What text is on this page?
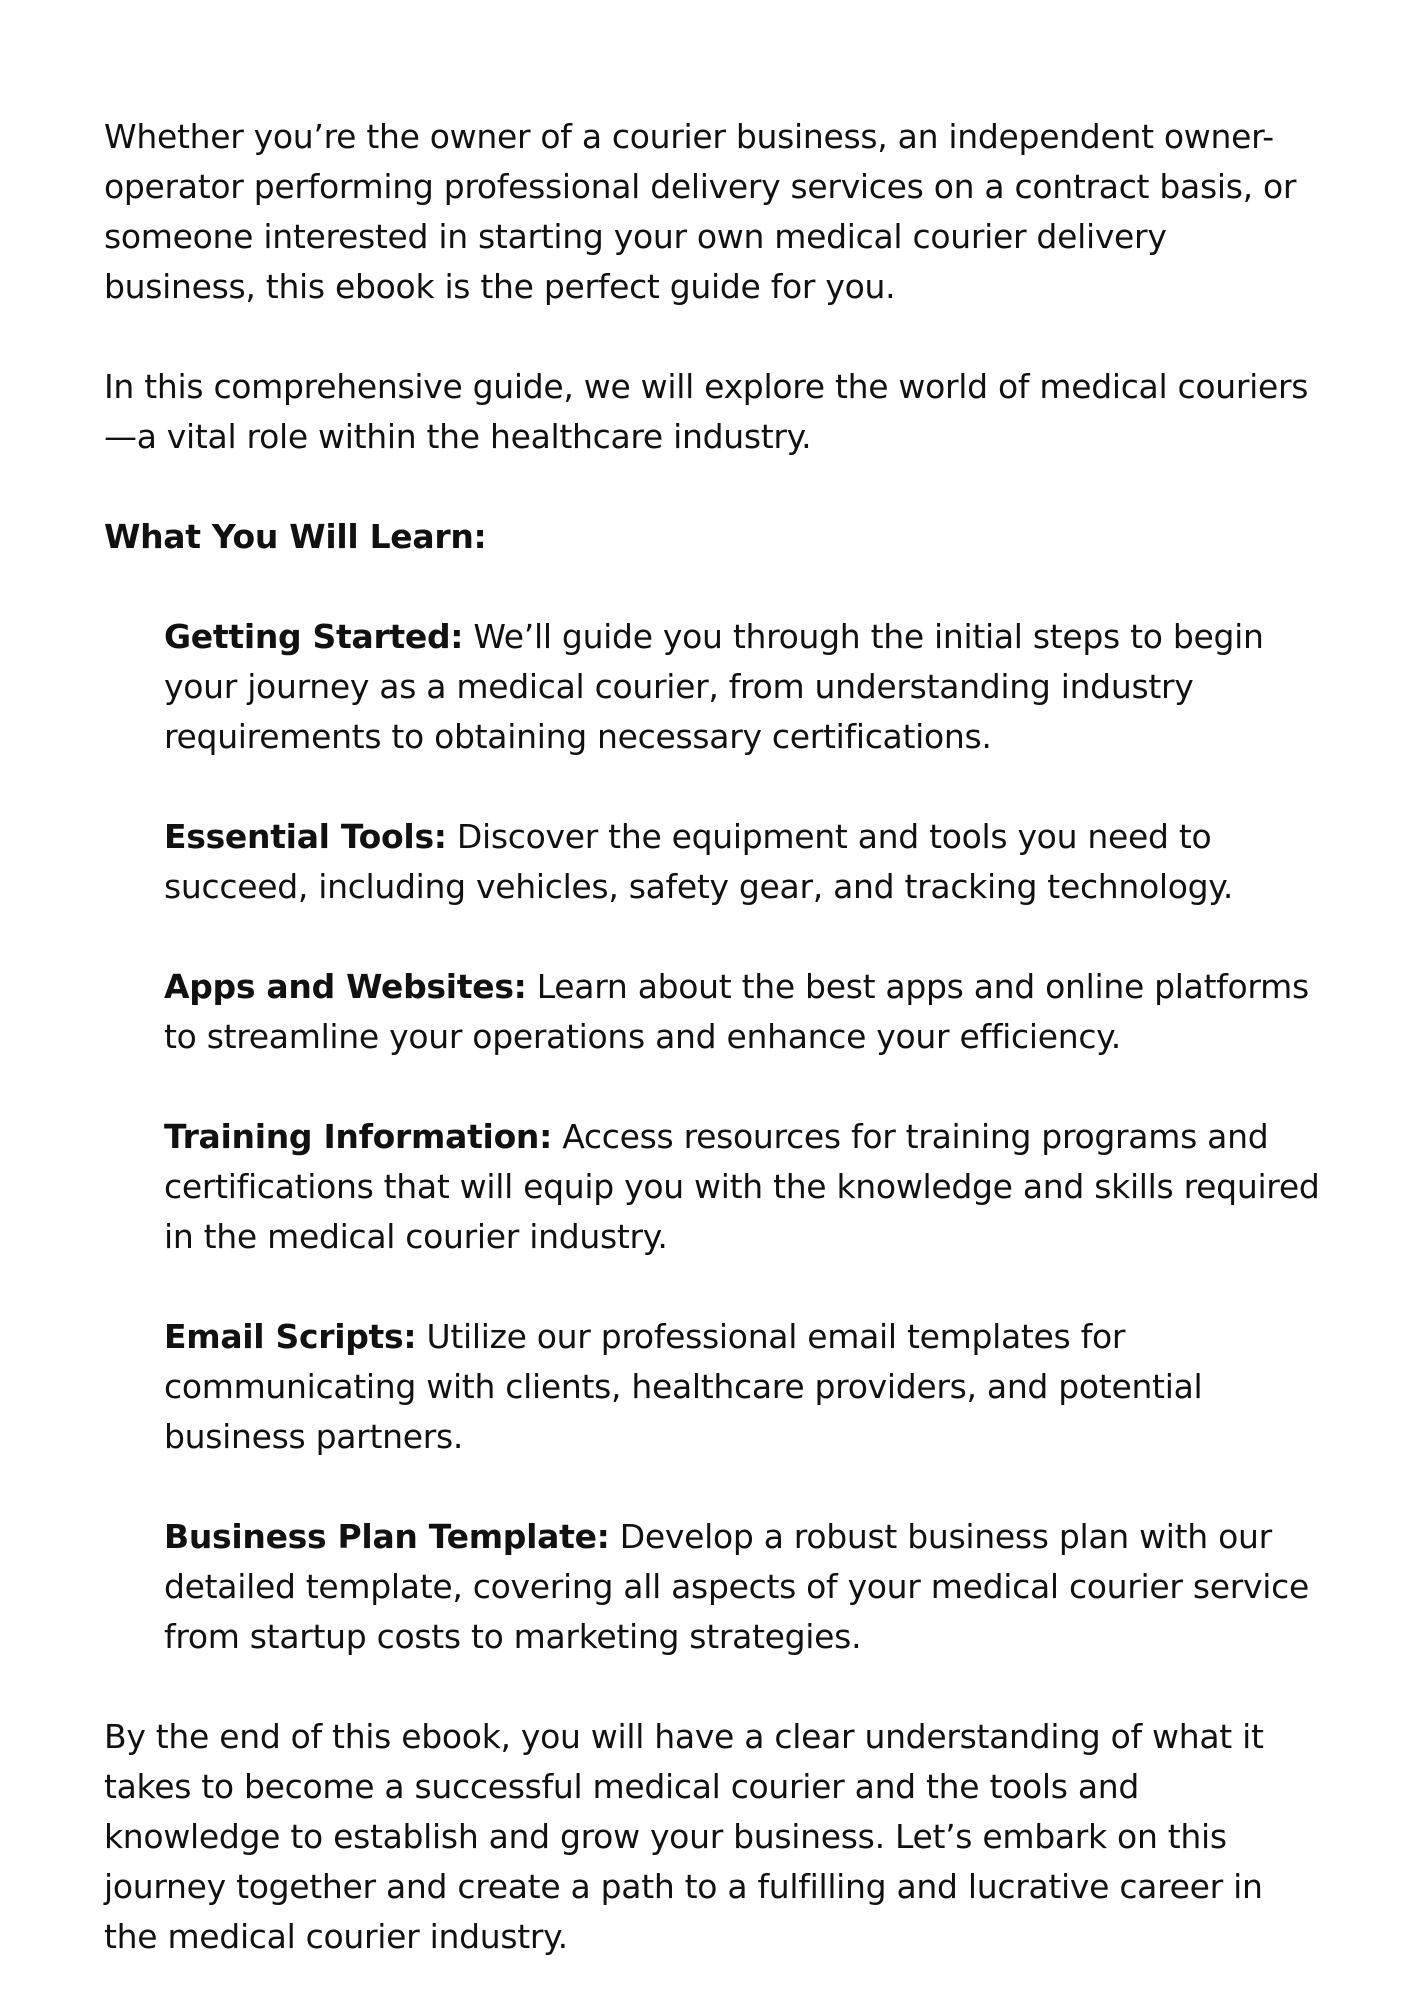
Whether you’re the owner of a courier business, an independent owner-operator performing professional delivery services on a contract basis, or someone interested in starting your own medical courier delivery business, this ebook is the perfect guide for you.

In this comprehensive guide, we will explore the world of medical couriers—a vital role within the healthcare industry.

What You Will Learn:
Getting Started: We’ll guide you through the initial steps to begin your journey as a medical courier, from understanding industry requirements to obtaining necessary certifications.
Essential Tools: Discover the equipment and tools you need to succeed, including vehicles, safety gear, and tracking technology.
Apps and Websites: Learn about the best apps and online platforms to streamline your operations and enhance your efficiency.
Training Information: Access resources for training programs and certifications that will equip you with the knowledge and skills required in the medical courier industry.
Email Scripts: Utilize our professional email templates for communicating with clients, healthcare providers, and potential business partners.
Business Plan Template: Develop a robust business plan with our detailed template, covering all aspects of your medical courier service from startup costs to marketing strategies.

By the end of this ebook, you will have a clear understanding of what it takes to become a successful medical courier and the tools and knowledge to establish and grow your business. Let’s embark on this journey together and create a path to a fulfilling and lucrative career in the medical courier industry.
